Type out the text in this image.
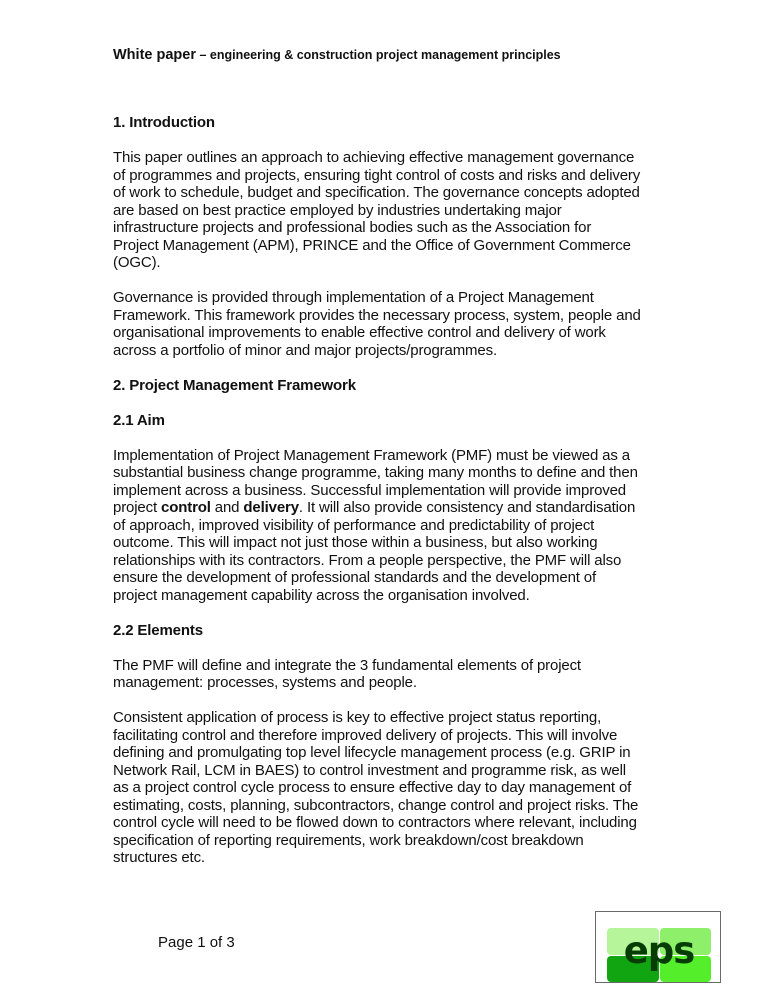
White paper – engineering & construction project management principles
1. Introduction

This paper outlines an approach to achieving effective management governance
of programmes and projects, ensuring tight control of costs and risks and delivery
of work to schedule, budget and specification. The governance concepts adopted
are based on best practice employed by industries undertaking major
infrastructure projects and professional bodies such as the Association for
Project Management (APM), PRINCE and the Office of Government Commerce
(OGC).

Governance is provided through implementation of a Project Management
Framework. This framework provides the necessary process, system, people and
organisational improvements to enable effective control and delivery of work
across a portfolio of minor and major projects/programmes.

2. Project Management Framework
2.1 Aim

Implementation of Project Management Framework (PMF) must be viewed as a
substantial business change programme, taking many months to define and then
implement across a business. Successful implementation will provide improved
project control and delivery. It will also provide consistency and standardisation
of approach, improved visibility of performance and predictability of project
outcome. This will impact not just those within a business, but also working
relationships with its contractors. From a people perspective, the PMF will also
ensure the development of professional standards and the development of
project management capability across the organisation involved.

2.2 Elements

The PMF will define and integrate the 3 fundamental elements of project
management: processes, systems and people.

Consistent application of process is key to effective project status reporting,
facilitating control and therefore improved delivery of projects. This will involve
defining and promulgating top level lifecycle management process (e.g. GRIP in
Network Rail, LCM in BAES) to control investment and programme risk, as well
as a project control cycle process to ensure effective day to day management of
estimating, costs, planning, subcontractors, change control and project risks. The
control cycle will need to be flowed down to contractors where relevant, including
specification of reporting requirements, work breakdown/cost breakdown
structures etc.

Page 1 of 3	eps
